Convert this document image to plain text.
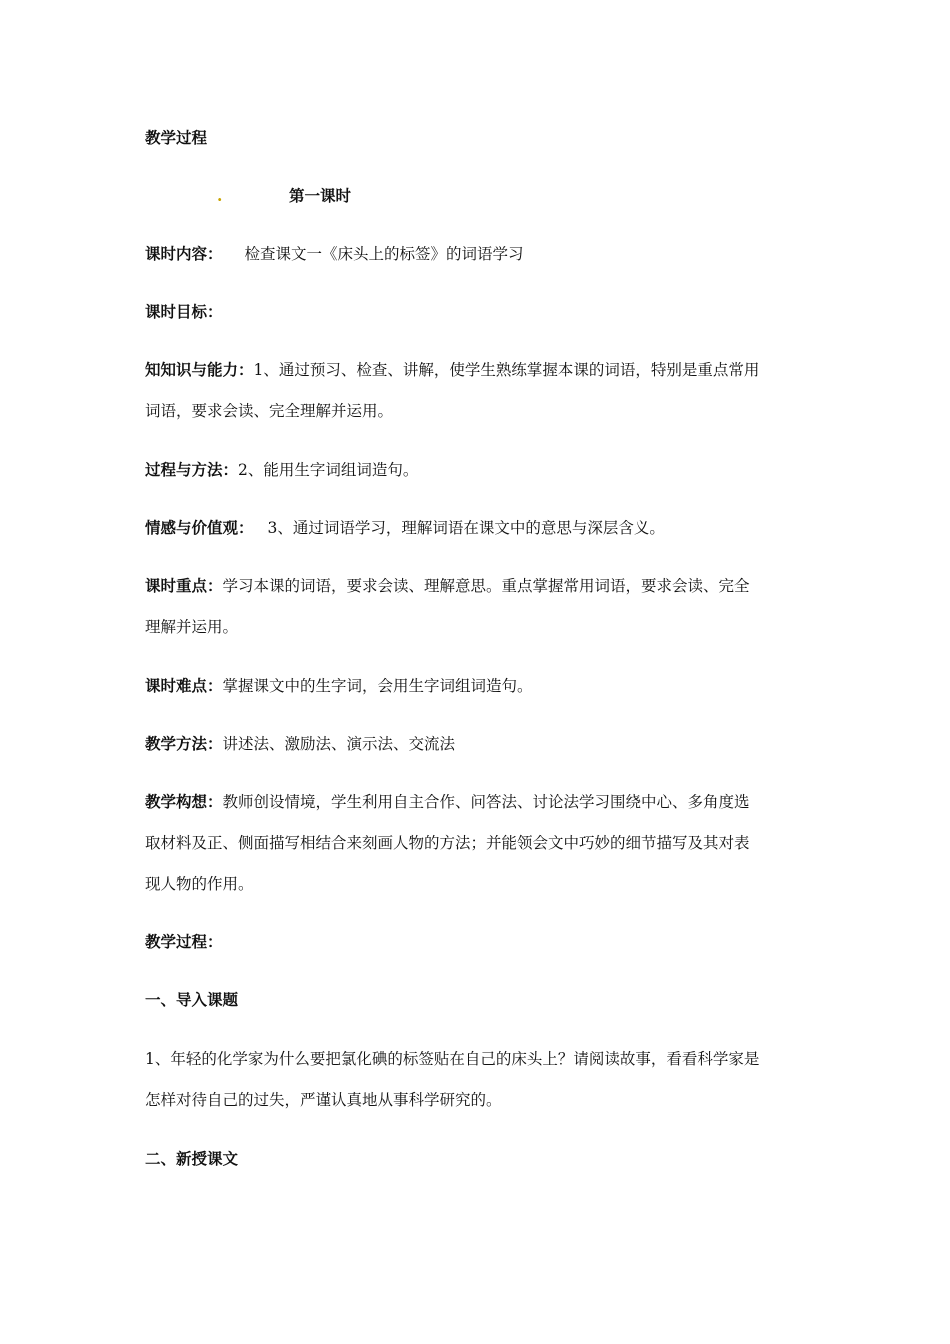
教学过程
.	第一课时
课时内容： 检查课文一《床头上的标签》的词语学习
课时目标：
知知识与能力：1、通过预习、检查、讲解，使学生熟练掌握本课的词语，特别是重点常用
词语，要求会读、完全理解并运用。
过程与方法：2、能用生字词组词造句。
情感与价值观： 3、通过词语学习，理解词语在课文中的意思与深层含义。
课时重点：学习本课的词语，要求会读、理解意思。重点掌握常用词语，要求会读、完全
理解并运用。
课时难点：掌握课文中的生字词，会用生字词组词造句。
教学方法：讲述法、激励法、演示法、交流法
教学构想：教师创设情境，学生利用自主合作、问答法、讨论法学习围绕中心、多角度选
取材料及正、侧面描写相结合来刻画人物的方法；并能领会文中巧妙的细节描写及其对表
现人物的作用。
教学过程：
一、导入课题
1、年轻的化学家为什么要把氯化碘的标签贴在自己的床头上？请阅读故事，看看科学家是
怎样对待自己的过失，严谨认真地从事科学研究的。
二、新授课文
